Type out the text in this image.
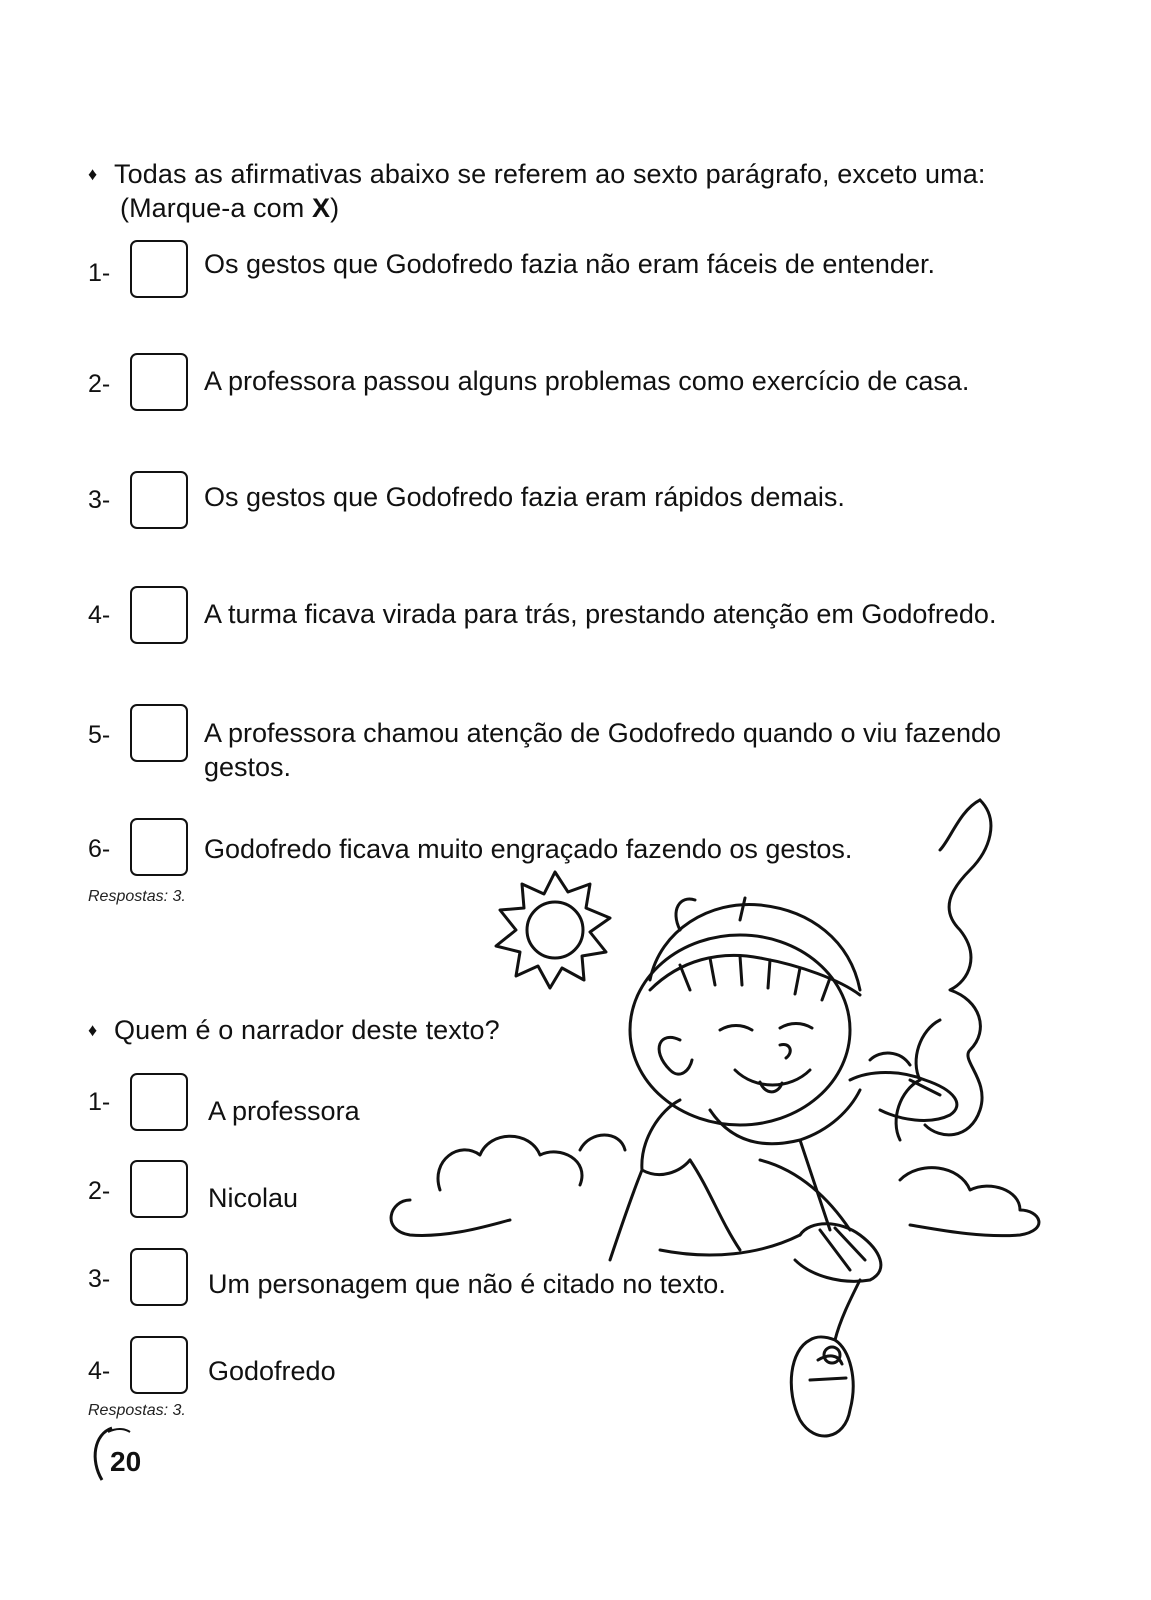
♦ Todas as afirmativas abaixo se referem ao sexto parágrafo, exceto uma:
(Marque-a com X)
1-	Os gestos que Godofredo fazia não eram fáceis de entender.
2-	A professora passou alguns problemas como exercício de casa.
3-	Os gestos que Godofredo fazia eram rápidos demais.
4-	A turma ficava virada para trás, prestando atenção em Godofredo.
5-	A professora chamou atenção de Godofredo quando o viu fazendo
gestos.
6-	Godofredo ficava muito engraçado fazendo os gestos.
Respostas: 3.
♦ Quem é o narrador deste texto?
1-	A professora
2-	Nicolau
3-	Um personagem que não é citado no texto.
4-	Godofredo
Respostas: 3.
20
